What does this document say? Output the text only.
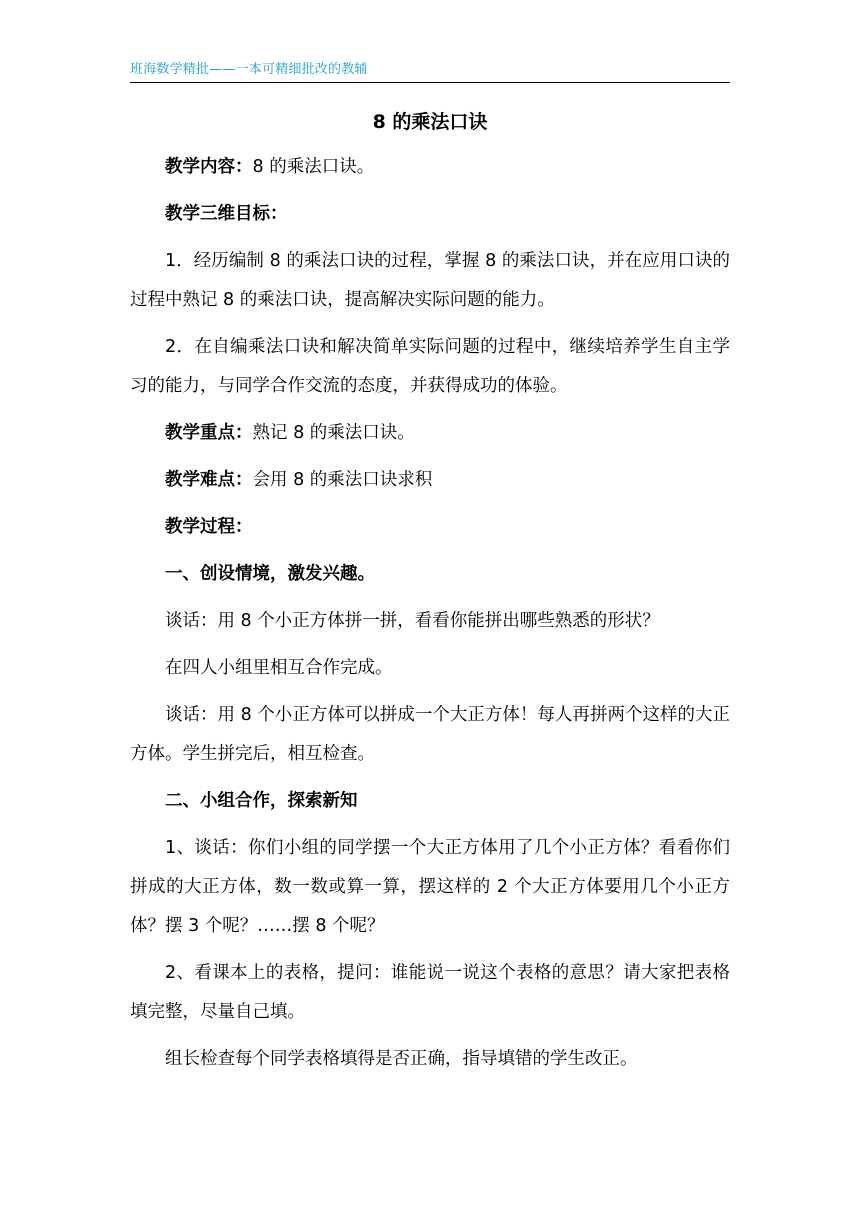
班海数学精批——一本可精细批改的教辅
8 的乘法口诀
教学内容：8 的乘法口诀。
教学三维目标：
1．经历编制 8 的乘法口诀的过程，掌握 8 的乘法口诀，并在应用口诀的过程中熟记 8 的乘法口诀，提高解决实际问题的能力。
2．在自编乘法口诀和解决简单实际问题的过程中，继续培养学生自主学习的能力，与同学合作交流的态度，并获得成功的体验。
教学重点：熟记 8 的乘法口诀。
教学难点：会用 8 的乘法口诀求积
教学过程：
一、创设情境，激发兴趣。
谈话：用 8 个小正方体拼一拼，看看你能拼出哪些熟悉的形状？
在四人小组里相互合作完成。
谈话：用 8 个小正方体可以拼成一个大正方体！每人再拼两个这样的大正方体。学生拼完后，相互检查。
二、小组合作，探索新知
1、谈话：你们小组的同学摆一个大正方体用了几个小正方体？看看你们拼成的大正方体，数一数或算一算，摆这样的 2 个大正方体要用几个小正方体？摆 3 个呢？……摆 8 个呢？
2、看课本上的表格，提问：谁能说一说这个表格的意思？请大家把表格填完整，尽量自己填。
组长检查每个同学表格填得是否正确，指导填错的学生改正。
